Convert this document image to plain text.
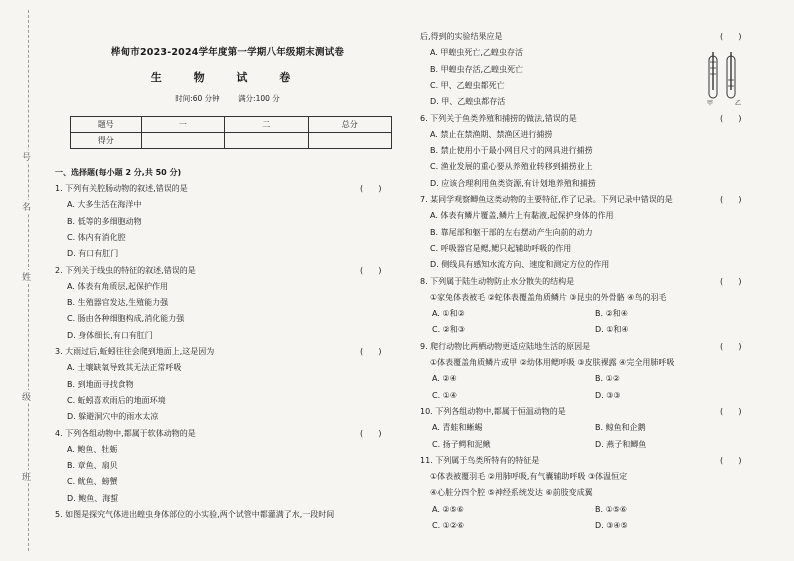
号
名
姓
级
班
桦甸市2023-2024学年度第一学期八年级期末测试卷
生 物 试 卷
时间:60 分钟 满分:100 分
题号	一	二	总分
得分			
一、选择题(每小题 2 分,共 50 分)
1. 下列有关腔肠动物的叙述,错误的是	(      )
A. 大多生活在海洋中
B. 低等的多细胞动物
C. 体内有消化腔
D. 有口有肛门
2. 下列关于线虫的特征的叙述,错误的是	(      )
A. 体表有角质层,起保护作用
B. 生殖器官发达,生殖能力强
C. 肠由各种细胞构成,消化能力强
D. 身体细长,有口有肛门
3. 大雨过后,蚯蚓往往会爬到地面上,这是因为	(      )
A. 土壤缺氧导致其无法正常呼吸
B. 到地面寻找食物
C. 蚯蚓喜欢雨后的地面环境
D. 躲避洞穴中的雨水太凉
4. 下列各组动物中,都属于软体动物的是	(      )
A. 鲍鱼、牡蛎
B. 章鱼、扇贝
C. 鱿鱼、螃蟹
D. 鲍鱼、海蜇
5. 如图是探究气体进出蝗虫身体部位的小实验,两个试管中都灌满了水,一段时间
甲	乙
后,得到的实验结果应是	(      )
A. 甲蝗虫死亡,乙蝗虫存活
B. 甲蝗虫存活,乙蝗虫死亡
C. 甲、乙蝗虫都死亡
D. 甲、乙蝗虫都存活
6. 下列关于鱼类养殖和捕捞的做法,错误的是	(      )
A. 禁止在禁渔期、禁渔区进行捕捞
B. 禁止使用小于最小网目尺寸的网具进行捕捞
C. 渔业发展的重心要从养殖业转移到捕捞业上
D. 应该合理利用鱼类资源,有计划地养殖和捕捞
7. 某同学观察鲫鱼这类动物的主要特征,作了记录。下列记录中错误的是	(      )
A. 体表有鳞片覆盖,鳞片上有黏液,起保护身体的作用
B. 靠尾部和躯干部的左右摆动产生向前的动力
C. 呼吸器官是鳃,鳃只起辅助呼吸的作用
D. 侧线具有感知水流方向、速度和测定方位的作用
8. 下列属于陆生动物防止水分散失的结构是	(      )
①家兔体表被毛 ②蛇体表覆盖角质鳞片 ③昆虫的外骨骼 ④鸟的羽毛
A. ①和②	B. ②和④
C. ②和③	D. ①和④
9. 爬行动物比两栖动物更适应陆地生活的原因是	(      )
①体表覆盖角质鳞片或甲 ②幼体用鳃呼吸 ③皮肤裸露 ④完全用肺呼吸
A. ②④	B. ①②
C. ①④	D. ③③
10. 下列各组动物中,都属于恒温动物的是	(      )
A. 青蛙和蜥蜴	B. 鲸鱼和企鹅
C. 扬子鳄和泥鳅	D. 燕子和鲫鱼
11. 下列属于鸟类所特有的特征是	(      )
①体表被覆羽毛 ②用肺呼吸,有气囊辅助呼吸 ③体温恒定
④心脏分四个腔 ⑤神经系统发达 ⑥前肢变成翼
A. ②⑤⑥	B. ①⑤⑥
C. ①②⑥	D. ③④⑤
